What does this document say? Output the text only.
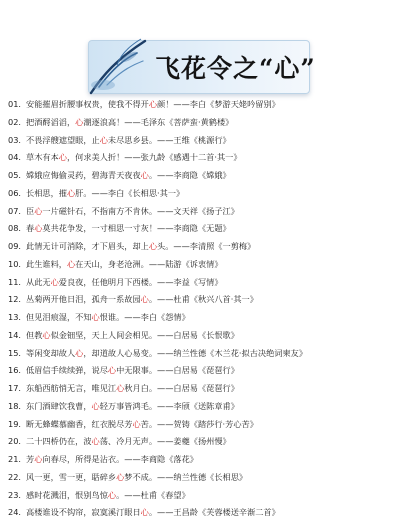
飞花令之“心”
01. 安能摧眉折腰事权贵，使我不得开心颜！——李白《梦游天姥吟留别》
02. 把酒酹滔滔，心潮逐浪高！——毛泽东《菩萨蛮·黄鹤楼》
03. 不畏浮艘遮望眼，止心未尽思乡县。——王维《桃源行》
04. 草木有本心，何求美人折！——张九龄《感遇十二首·其一》
05. 嫦娥应悔偷灵药，碧海青天夜夜心。——李商隐《嫦娥》
06. 长相思，摧心肝。——李白《长相思·其一》
07. 臣心一片磁针石，不指南方不肯休。——文天祥《扬子江》
08. 春心莫共花争发，一寸相思一寸灰！——李商隐《无题》
09. 此情无计可消除，才下眉头，却上心头。——李清照《一剪梅》
10. 此生谁料，心在天山，身老沧洲。——陆游《诉衷情》
11. 从此无心爱良夜，任他明月下西楼。——李益《写情》
12. 丛菊两开他日泪，孤舟一系故园心。——杜甫《秋兴八首·其一》
13. 但见泪痕湿，不知心恨谁。——李白《怨情》
14. 但教心似金钿坚，天上人间会相见。——白居易《长恨歌》
15. 等闲变却故人心，却道故人心易变。——纳兰性德《木兰花·拟古决绝词柬友》
16. 低眉信手续续弹，说尽心中无限事。——白居易《琵琶行》
17. 东船西舫悄无言，唯见江心秋月白。——白居易《琵琶行》
18. 东门酒肆饮我曹，心轻万事皆鸿毛。——李颀《送陈章甫》
19. 断无蜂蝶慕幽香，红衣脱尽芳心苦。——贺铸《踏莎行·芳心苦》
20. 二十四桥仍在，波心荡、冷月无声。——姜夔《扬州慢》
21. 芳心向春尽，所得是沾衣。——李商隐《落花》
22. 风一更，雪一更，聒碎乡心梦不成。——纳兰性德《长相思》
23. 感时花溅泪，恨别鸟惊心。——杜甫《春望》
24. 高楼谁设不钩帘，寂寞溪汀眼日心。——王昌龄《芙蓉楼送辛渐二首》
